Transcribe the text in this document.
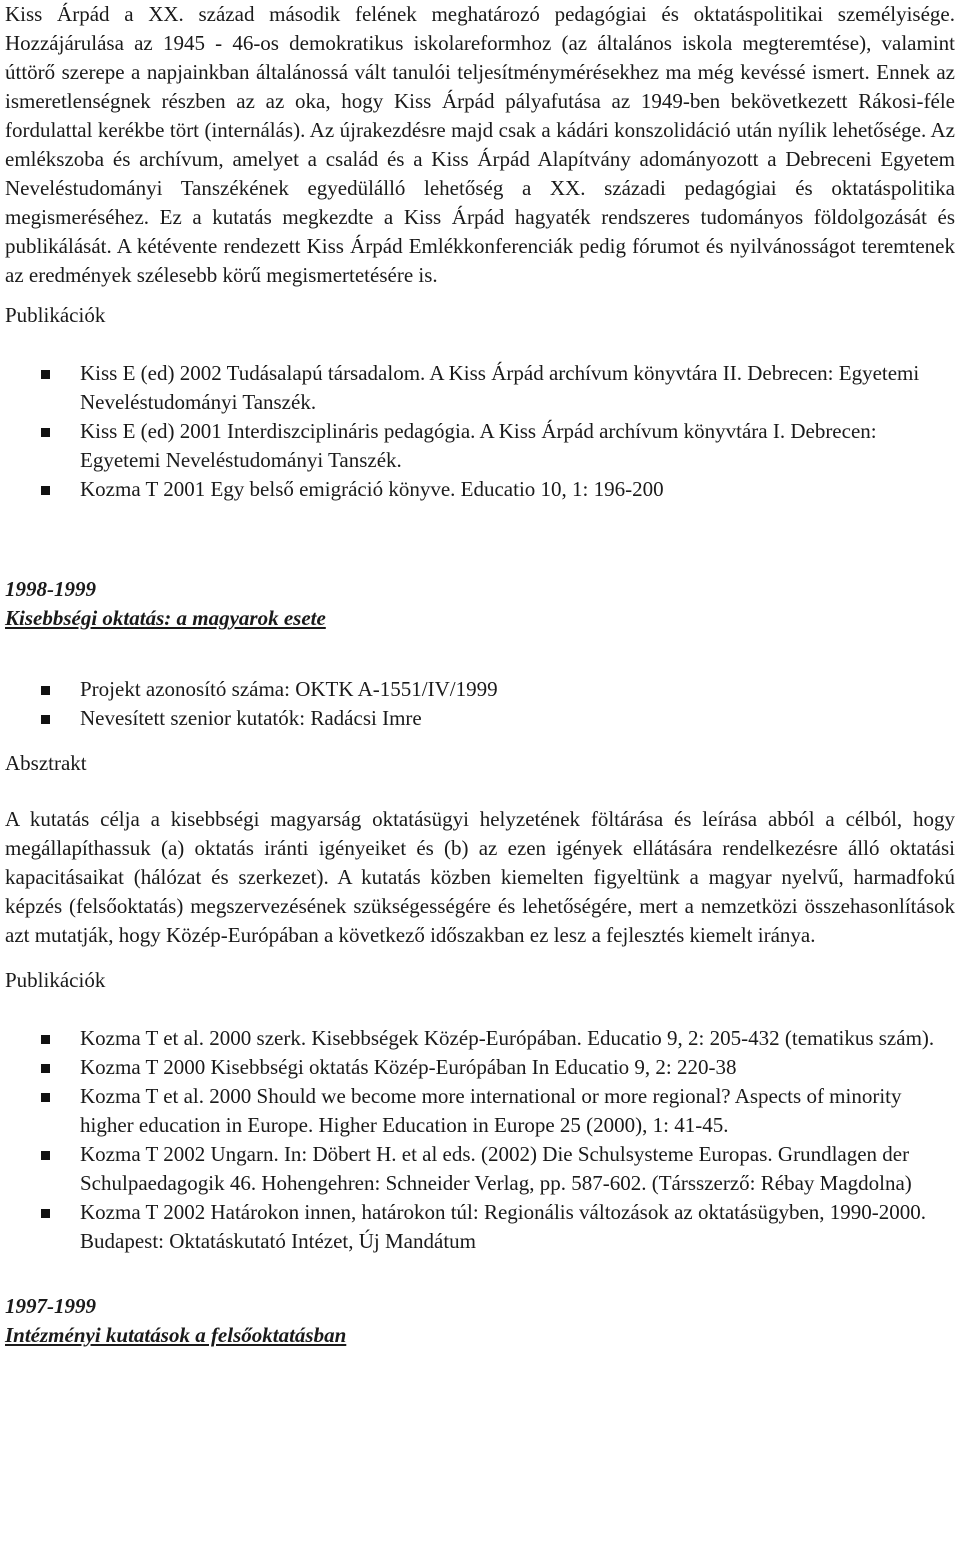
Kiss Árpád a XX. század második felének meghatározó pedagógiai és oktatáspolitikai személyisége. Hozzájárulása az 1945 - 46-os demokratikus iskolareformhoz (az általános iskola megteremtése), valamint úttörő szerepe a napjainkban általánossá vált tanulói teljesítménymérésekhez ma még kevéssé ismert. Ennek az ismeretlenségnek részben az az oka, hogy Kiss Árpád pályafutása az 1949-ben bekövetkezett Rákosi-féle fordulattal kerékbe tört (internálás). Az újrakezdésre majd csak a kádári konszolidáció után nyílik lehetősége. Az emlékszoba és archívum, amelyet a család és a Kiss Árpád Alapítvány adományozott a Debreceni Egyetem Neveléstudományi Tanszékének egyedülálló lehetőség a XX. századi pedagógiai és oktatáspolitika megismeréséhez. Ez a kutatás megkezdte a Kiss Árpád hagyaték rendszeres tudományos földolgozását és publikálását. A kétévente rendezett Kiss Árpád Emlékkonferenciák pedig fórumot és nyilvánosságot teremtenek az eredmények szélesebb körű megismertetésére is.

Publikációk

Kiss E (ed) 2002 Tudásalapú társadalom. A Kiss Árpád archívum könyvtára II. Debrecen: Egyetemi Neveléstudományi Tanszék.
Kiss E (ed) 2001 Interdiszciplináris pedagógia. A Kiss Árpád archívum könyvtára I. Debrecen: Egyetemi Neveléstudományi Tanszék.
Kozma T 2001 Egy belső emigráció könyve. Educatio 10, 1: 196-200

1998-1999

Kisebbségi oktatás: a magyarok esete

Projekt azonosító száma: OKTK A-1551/IV/1999
Nevesített szenior kutatók: Radácsi Imre

Absztrakt

A kutatás célja a kisebbségi magyarság oktatásügyi helyzetének föltárása és leírása abból a célból, hogy megállapíthassuk (a) oktatás iránti igényeiket és (b) az ezen igények ellátására rendelkezésre álló oktatási kapacitásaikat (hálózat és szerkezet). A kutatás közben kiemelten figyeltünk a magyar nyelvű, harmadfokú képzés (felsőoktatás) megszervezésének szükségességére és lehetőségére, mert a nemzetközi összehasonlítások azt mutatják, hogy Közép-Európában a következő időszakban ez lesz a fejlesztés kiemelt iránya.

Publikációk

Kozma T et al. 2000 szerk. Kisebbségek Közép-Európában. Educatio 9, 2: 205-432 (tematikus szám).
Kozma T 2000 Kisebbségi oktatás Közép-Európában In Educatio 9, 2: 220-38
Kozma T et al. 2000 Should we become more international or more regional? Aspects of minority higher education in Europe. Higher Education in Europe 25 (2000), 1: 41-45.
Kozma T 2002 Ungarn. In: Döbert H. et al eds. (2002) Die Schulsysteme Europas. Grundlagen der Schulpaedagogik 46. Hohengehren: Schneider Verlag, pp. 587-602. (Társszerző: Rébay Magdolna)
Kozma T 2002 Határokon innen, határokon túl: Regionális változások az oktatásügyben, 1990-2000. Budapest: Oktatáskutató Intézet, Új Mandátum

1997-1999

Intézményi kutatások a felsőoktatásban
